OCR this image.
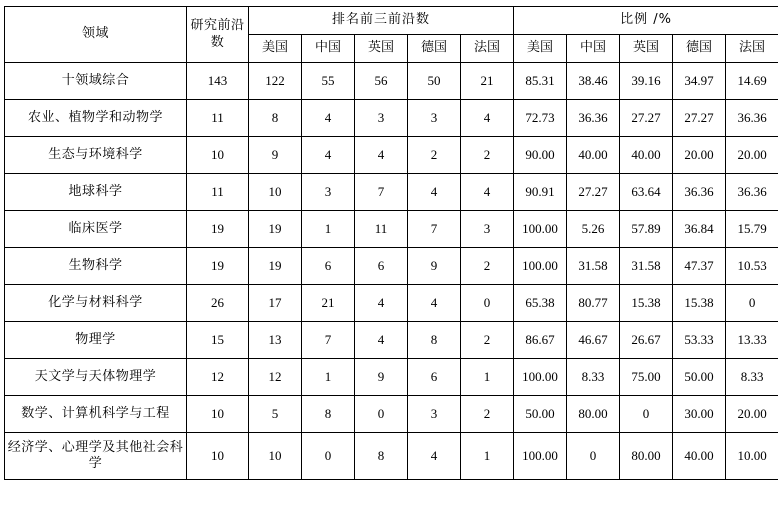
领域	研究前沿数	排名前三前沿数					比例 /%				
		美国	中国	英国	德国	法国	美国	中国	英国	德国	法国
十领域综合	143	122	55	56	50	21	85.31	38.46	39.16	34.97	14.69
农业、植物学和动物学	11	8	4	3	3	4	72.73	36.36	27.27	27.27	36.36
生态与环境科学	10	9	4	4	2	2	90.00	40.00	40.00	20.00	20.00
地球科学	11	10	3	7	4	4	90.91	27.27	63.64	36.36	36.36
临床医学	19	19	1	11	7	3	100.00	5.26	57.89	36.84	15.79
生物科学	19	19	6	6	9	2	100.00	31.58	31.58	47.37	10.53
化学与材料科学	26	17	21	4	4	0	65.38	80.77	15.38	15.38	0
物理学	15	13	7	4	8	2	86.67	46.67	26.67	53.33	13.33
天文学与天体物理学	12	12	1	9	6	1	100.00	8.33	75.00	50.00	8.33
数学、计算机科学与工程	10	5	8	0	3	2	50.00	80.00	0	30.00	20.00
经济学、心理学及其他社会科学	10	10	0	8	4	1	100.00	0	80.00	40.00	10.00
